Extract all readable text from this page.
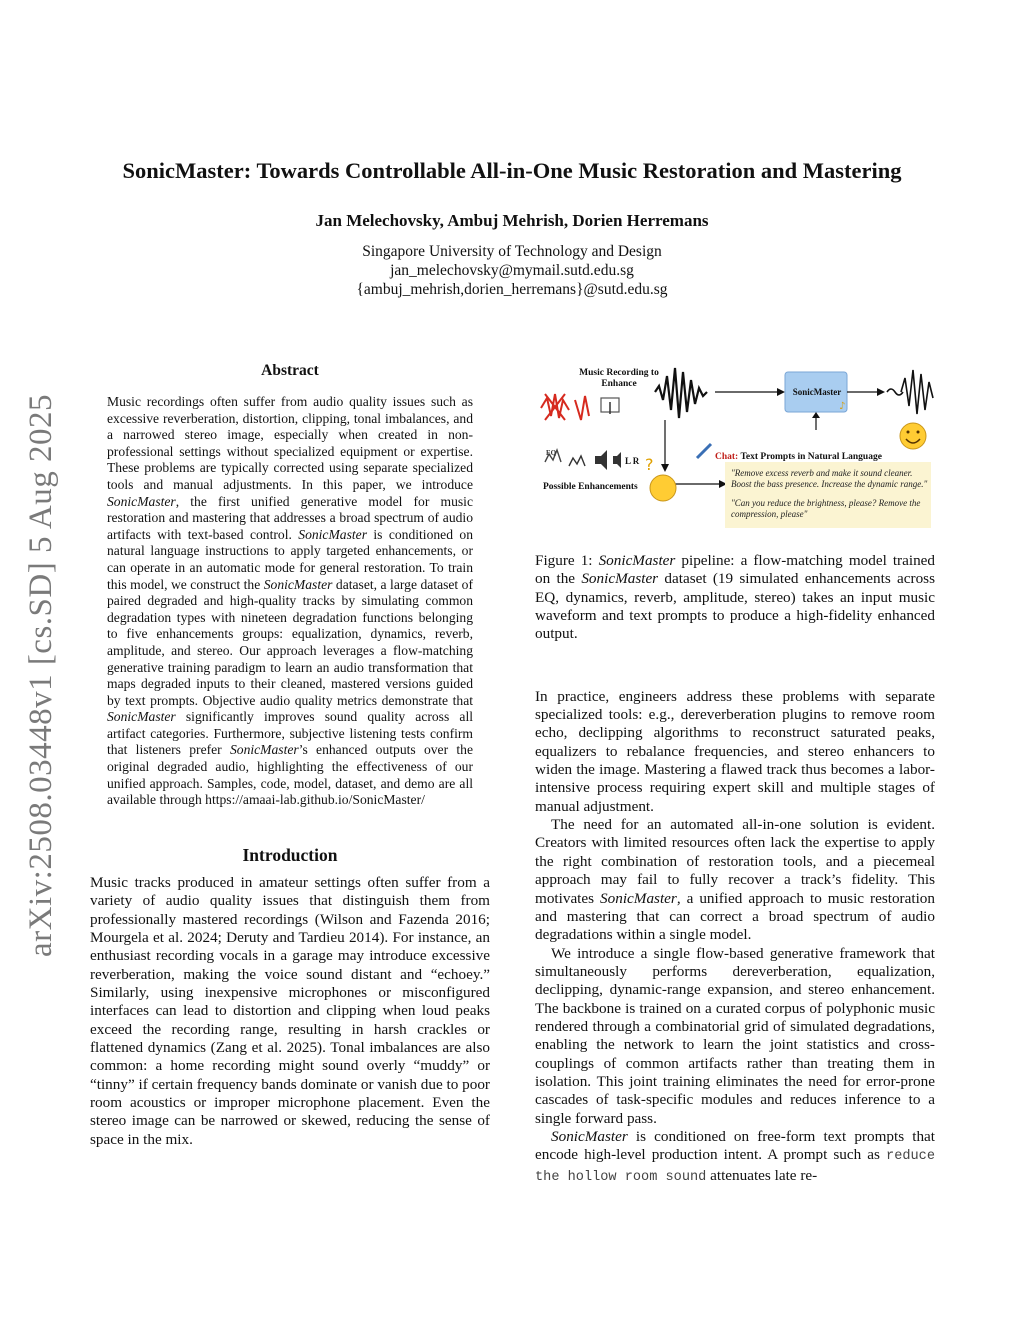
arXiv:2508.03448v1 [cs.SD] 5 Aug 2025
SonicMaster: Towards Controllable All-in-One Music Restoration and Mastering
Jan Melechovsky, Ambuj Mehrish, Dorien Herremans
Singapore University of Technology and Design
jan_melechovsky@mymail.sutd.edu.sg
{ambuj_mehrish,dorien_herremans}@sutd.edu.sg
Abstract

Music recordings often suffer from audio quality issues such as excessive reverberation, distortion, clipping, tonal imbalances, and a narrowed stereo image, especially when created in non-professional settings without specialized equipment or expertise. These problems are typically corrected using separate specialized tools and manual adjustments. In this paper, we introduce SonicMaster, the first unified generative model for music restoration and mastering that addresses a broad spectrum of audio artifacts with text-based control. SonicMaster is conditioned on natural language instructions to apply targeted enhancements, or can operate in an automatic mode for general restoration. To train this model, we construct the SonicMaster dataset, a large dataset of paired degraded and high-quality tracks by simulating common degradation types with nineteen degradation functions belonging to five enhancements groups: equalization, dynamics, reverb, amplitude, and stereo. Our approach leverages a flow-matching generative training paradigm to learn an audio transformation that maps degraded inputs to their cleaned, mastered versions guided by text prompts. Objective audio quality metrics demonstrate that SonicMaster significantly improves sound quality across all artifact categories. Furthermore, subjective listening tests confirm that listeners prefer SonicMaster’s enhanced outputs over the original degraded audio, highlighting the effectiveness of our unified approach. Samples, code, model, dataset, and demo are all available through https://amaai-lab.github.io/SonicMaster/

Introduction

Music tracks produced in amateur settings often suffer from a variety of audio quality issues that distinguish them from professionally mastered recordings (Wilson and Fazenda 2016; Mourgela et al. 2024; Deruty and Tardieu 2014). For instance, an enthusiast recording vocals in a garage may introduce excessive reverberation, making the voice sound distant and “echoey.” Similarly, using inexpensive microphones or misconfigured interfaces can lead to distortion and clipping when loud peaks exceed the recording range, resulting in harsh crackles or flattened dynamics (Zang et al. 2025). Tonal imbalances are also common: a home recording might sound overly “muddy” or “tinny” if certain frequency bands dominate or vanish due to poor room acoustics or improper microphone placement. Even the stereo image can be narrowed or skewed, reducing the sense of space in the mix.

♪
?
Music Recording to Enhance
SonicMaster
EQ
L R
Possible Enhancements
Chat: Text Prompts in Natural Language
"Remove excess reverb and make it sound cleaner.
Boost the bass presence. Increase the dynamic range."
"Can you reduce the brightness, please? Remove the
compression, please"

Figure 1: SonicMaster pipeline: a flow-matching model trained on the SonicMaster dataset (19 simulated enhancements across EQ, dynamics, reverb, amplitude, stereo) takes an input music waveform and text prompts to produce a high-fidelity enhanced output.

In practice, engineers address these problems with separate specialized tools: e.g., dereverberation plugins to remove room echo, declipping algorithms to reconstruct saturated peaks, equalizers to rebalance frequencies, and stereo enhancers to widen the image. Mastering a flawed track thus becomes a labor-intensive process requiring expert skill and multiple stages of manual adjustment.

The need for an automated all-in-one solution is evident. Creators with limited resources often lack the expertise to apply the right combination of restoration tools, and a piecemeal approach may fail to fully recover a track’s fidelity. This motivates SonicMaster, a unified approach to music restoration and mastering that can correct a broad spectrum of audio degradations within a single model.

We introduce a single flow-based generative framework that simultaneously performs dereverberation, equalization, declipping, dynamic-range expansion, and stereo enhancement. The backbone is trained on a curated corpus of polyphonic music rendered through a combinatorial grid of simulated degradations, enabling the network to learn the joint statistics and cross-couplings of common artifacts rather than treating them in isolation. This joint training eliminates the need for error-prone cascades of task-specific modules and reduces inference to a single forward pass.

SonicMaster is conditioned on free-form text prompts that encode high-level production intent. A prompt such as reduce the hollow room sound attenuates late re-
